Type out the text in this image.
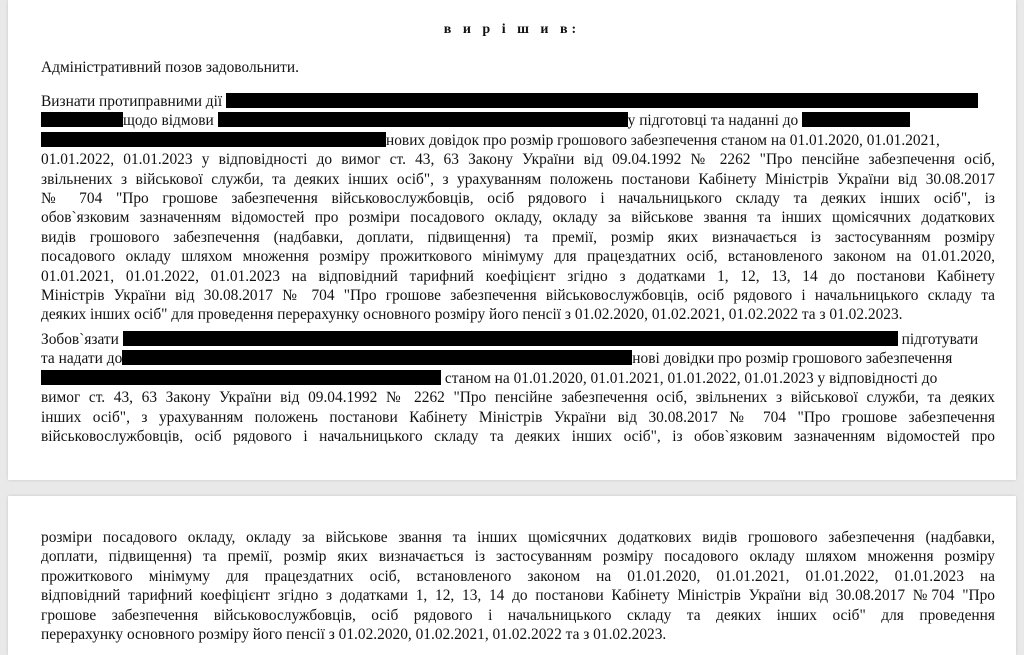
в и р і ш и в:
Адміністративний позов задовольнити.
Визнати протиправними дії
щодо відмови	у підготовці та наданні до
нових довідок про розмір грошового забезпечення станом на 01.01.2020, 01.01.2021,
01.01.2022, 01.01.2023 у відповідності до вимог ст. 43, 63 Закону України від 09.04.1992 № 2262 "Про пенсійне забезпечення осіб,
звільнених з військової служби, та деяких інших осіб", з урахуванням положень постанови Кабінету Міністрів України від 30.08.2017
№ 704 "Про грошове забезпечення військовослужбовців, осіб рядового і начальницького складу та деяких інших осіб", із
обов`язковим зазначенням відомостей про розміри посадового окладу, окладу за військове звання та інших щомісячних додаткових
видів грошового забезпечення (надбавки, доплати, підвищення) та премії, розмір яких визначається із застосуванням розміру
посадового окладу шляхом множення розміру прожиткового мінімуму для працездатних осіб, встановленого законом на 01.01.2020,
01.01.2021, 01.01.2022, 01.01.2023 на відповідний тарифний коефіцієнт згідно з додатками 1, 12, 13, 14 до постанови Кабінету
Міністрів України від 30.08.2017 № 704 "Про грошове забезпечення військовослужбовців, осіб рядового і начальницького складу та
деяких інших осіб" для проведення перерахунку основного розміру його пенсії з 01.02.2020, 01.02.2021, 01.02.2022 та з 01.02.2023.
Зобов`язати	підготувати
та надати до	нові довідки про розмір грошового забезпечення
станом на 01.01.2020, 01.01.2021, 01.01.2022, 01.01.2023 у відповідності до
вимог ст. 43, 63 Закону України від 09.04.1992 № 2262 "Про пенсійне забезпечення осіб, звільнених з військової служби, та деяких
інших осіб", з урахуванням положень постанови Кабінету Міністрів України від 30.08.2017 № 704 "Про грошове забезпечення
військовослужбовців, осіб рядового і начальницького складу та деяких інших осіб", із обов`язковим зазначенням відомостей про
розміри посадового окладу, окладу за військове звання та інших щомісячних додаткових видів грошового забезпечення (надбавки,
доплати, підвищення) та премії, розмір яких визначається із застосуванням розміру посадового окладу шляхом множення розміру
прожиткового мінімуму для працездатних осіб, встановленого законом на 01.01.2020, 01.01.2021, 01.01.2022, 01.01.2023 на
відповідний тарифний коефіцієнт згідно з додатками 1, 12, 13, 14 до постанови Кабінету Міністрів України від 30.08.2017 №704 "Про
грошове забезпечення військовослужбовців, осіб рядового і начальницького складу та деяких інших осіб" для проведення
перерахунку основного розміру його пенсії з 01.02.2020, 01.02.2021, 01.02.2022 та з 01.02.2023.
